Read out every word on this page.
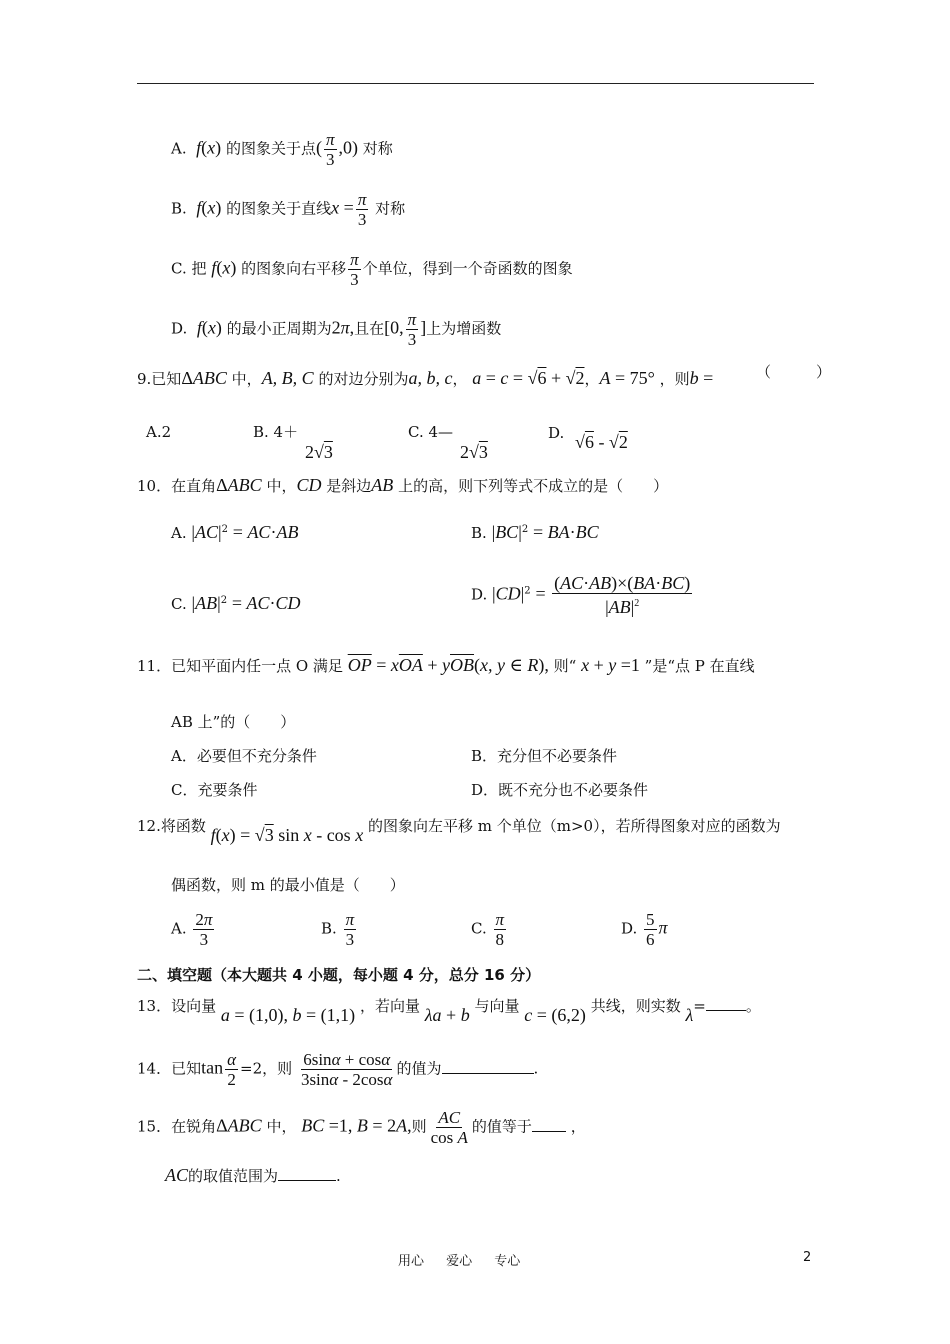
A. f(x) 的图象关于点( $\frac{\pi}{3} ,0$) 对称
B. f(x) 的图象关于直线$x = \frac{\pi}{3}$ 对称
C. 把 f(x) 的图象向右平移 $\frac{\pi}{3}$ 个单位，得到一个奇函数的图象
D. f(x) 的最小正周期为2π,且在[0, $\frac{\pi}{3}$ ]上为增函数
9.已知ΔABC 中，A, B, C 的对边分别为a, b, c， a = c = √6 + √2，A = 75° ，则b =	（　　　）
A.2	B. 4＋
2√3
C. 4—
2√3
D. √6 - √2
10．在直角ΔABC 中，CD 是斜边AB 上的高，则下列等式不成立的是（　　）
A. $|AC|^2 = AC\cdot AB$	B. $|BC|^2 = BA\cdot BC$
C. $|AB|^2 = AC\cdot CD$	D. $|CD|^2 = \frac{(AC\cdot AB)\times(BA\cdot BC)}{|AB|^2}$
11．已知平面内任一点 O 满足 $\overline{OP} = x\overline{OA} + y\overline{OB}(x$, y ∈ R), 则“ x + y =1 ”是“点 P 在直线
AB 上”的（　　）
A．必要但不充分条件	B．充分但不必要条件
C．充要条件	D．既不充分也不必要条件
12.将函数 f(x) = √3 sin x - cos x 的图象向左平移 m 个单位（m>0），若所得图象对应的函数为
偶函数，则 m 的最小值是（　　）
A. $\frac{2\pi}{3}$	B. $\frac{\pi}{3}$	C. $\frac{\pi}{8}$	D. $\frac{5}{6}$ π
二、填空题（本大题共 4 小题，每小题 4 分，总分 16 分）
13．设向量 a = (1,0), b = (1,1) ，若向量 λa + b 与向量 c = (6,2) 共线，则实数 λ=	。
14．已知$\tan \frac{\alpha}{2} =2$，则 $\frac{6\sin\alpha + \cos\alpha}{3\sin\alpha - 2\cos\alpha}$ 的值为	.
15．在锐角ΔABC 中， BC =1, B = 2A,则 $\frac{AC}{\text{cos A}}$ 的值等于	，
AC的取值范围为	.
用心 爱心 专心	2
